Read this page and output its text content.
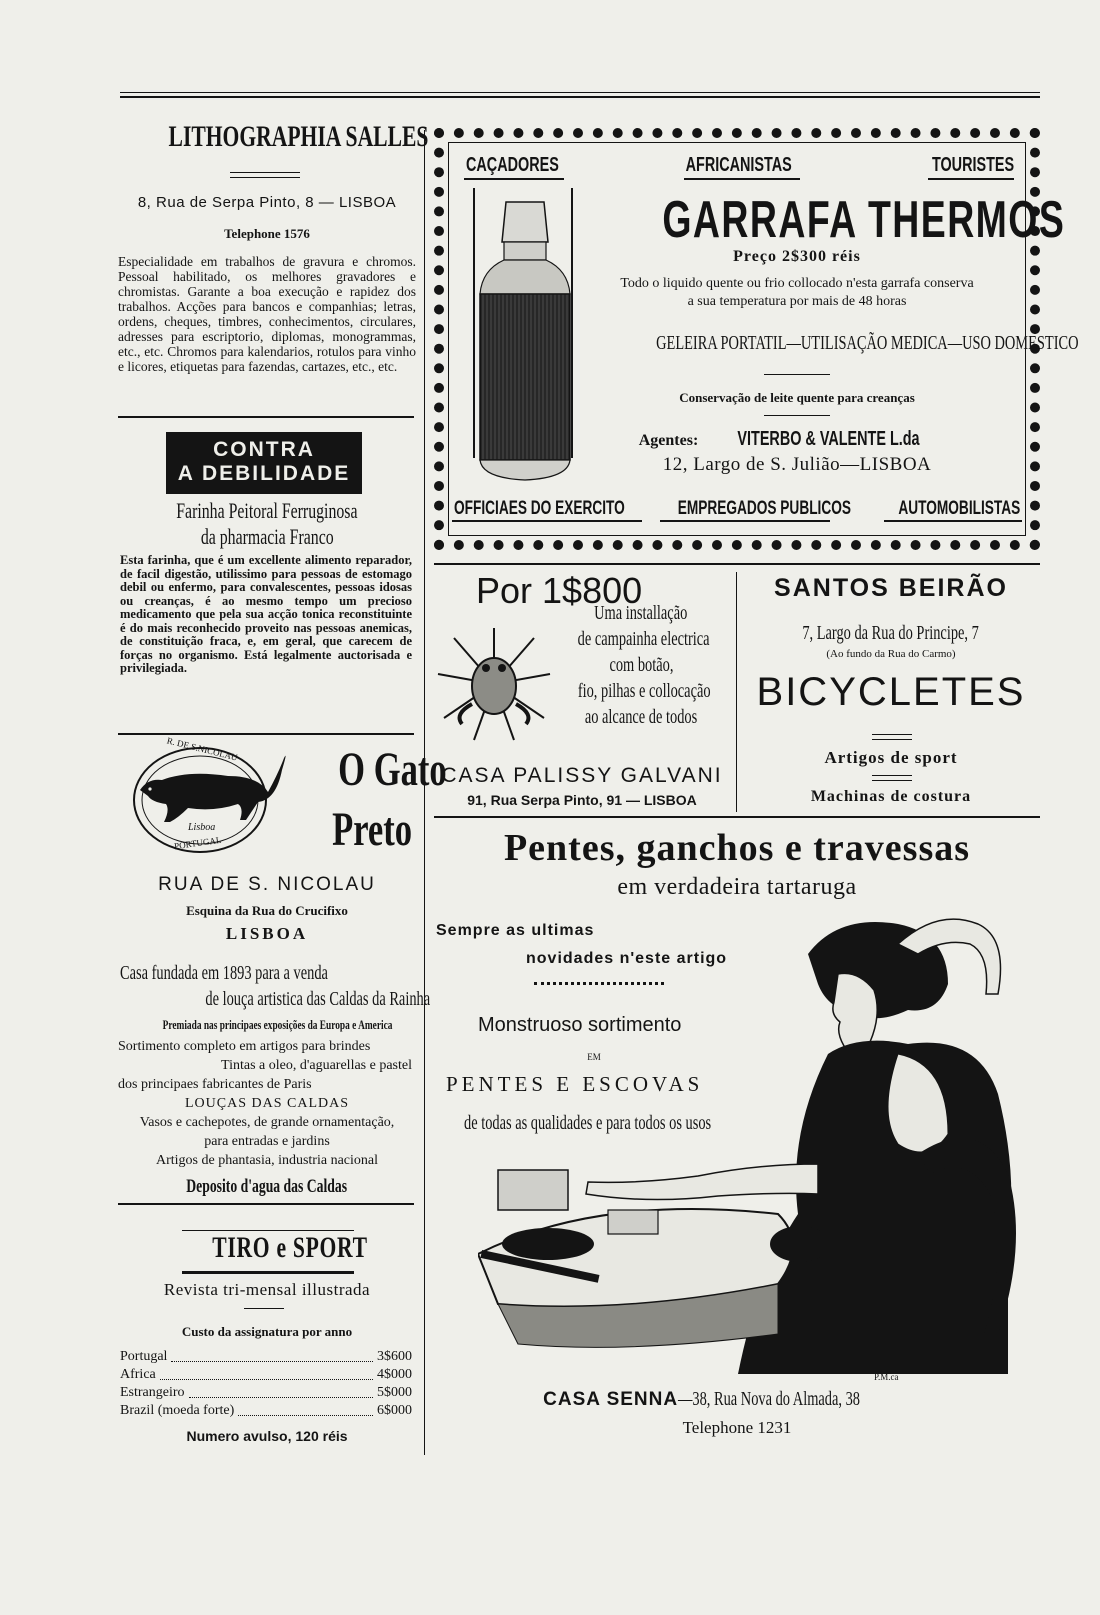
LITHOGRAPHIA SALLES
8, Rua de Serpa Pinto, 8 — LISBOA
Telephone 1576
Especialidade em trabalhos de gravura e chromos. Pessoal habilitado, os melhores gravadores e chromistas. Garante a boa execução e rapidez dos trabalhos. Acções para bancos e companhias; letras, ordens, cheques, timbres, conhecimentos, circulares, adresses para escriptorio, diplomas, monogrammas, etc., etc. Chromos para kalendarios, rotulos para vinho e licores, etiquetas para fazendas, cartazes, etc., etc.
CONTRA
A DEBILIDADE
Farinha Peitoral Ferruginosa
da pharmacia Franco
Esta farinha, que é um excellente alimento reparador, de facil digestão, utilissimo para pessoas de estomago debil ou enfermo, para convalescentes, pessoas idosas ou creanças, é ao mesmo tempo um precioso medicamento que pela sua acção tonica reconstituinte é do mais reconhecido proveito nas pessoas anemicas, de constituição fraca, e, em geral, que carecem de forças no organismo. Está legalmente auctorisada e privilegiada.
R. DE S.NICOLAU
Lisboa
PORTUGAL
O Gato
Preto
RUA DE S. NICOLAU
Esquina da Rua do Crucifixo
LISBOA
Casa fundada em 1893 para a venda
de louça artistica das Caldas da Rainha
Premiada nas principaes exposições da Europa e America
Sortimento completo em artigos para brindes
Tintas a oleo, d'aguarellas e pastel
dos principaes fabricantes de Paris
LOUÇAS DAS CALDAS
Vasos e cachepotes, de grande ornamentação,
para entradas e jardins
Artigos de phantasia, industria nacional
Deposito d'agua das Caldas
TIRO e SPORT
Revista tri-mensal illustrada
Custo da assignatura por anno
Portugal	3$600
Africa	4$000
Estrangeiro	5$000
Brazil (moeda forte)	6$000
Numero avulso, 120 réis
CAÇADORES	AFRICANISTAS	TOURISTES
GARRAFA THERMOS
Preço 2$300 réis
Todo o liquido quente ou frio collocado n'esta garrafa conserva
a sua temperatura por mais de 48 horas
GELEIRA PORTATIL—UTILISAÇÃO MEDICA—USO DOMESTICO
Conservação de leite quente para creanças
Agentes: VITERBO & VALENTE L.da
12, Largo de S. Julião—LISBOA
OFFICIAES DO EXERCITO	EMPREGADOS PUBLICOS	AUTOMOBILISTAS
Por 1$800
Uma installação
de campainha electrica
com botão,
fio, pilhas e collocação
ao alcance de todos
CASA PALISSY GALVANI
91, Rua Serpa Pinto, 91 — LISBOA
SANTOS BEIRÃO
7, Largo da Rua do Principe, 7
(Ao fundo da Rua do Carmo)
BICYCLETES
Artigos de sport
Machinas de costura
Pentes, ganchos e travessas
em verdadeira tartaruga
Sempre as ultimas
novidades n'este artigo
Monstruoso sortimento
EM
PENTES E ESCOVAS
de todas as qualidades e para todos os usos
P.M.ca
CASA SENNA—38, Rua Nova do Almada, 38
Telephone 1231
